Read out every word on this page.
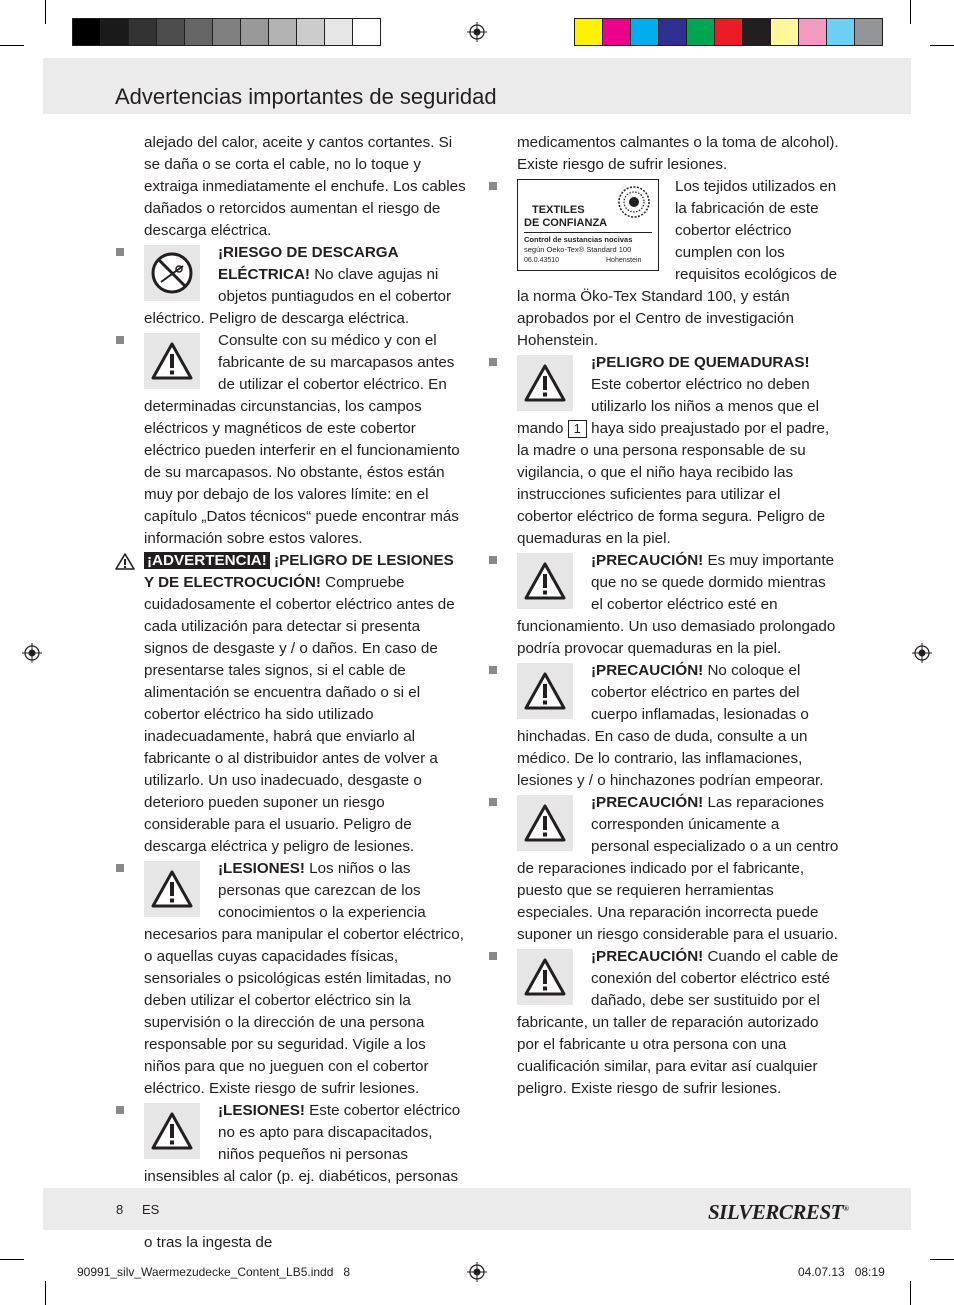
Advertencias importantes de seguridad

alejado del calor, aceite y cantos cortantes. Si se daña o se corta el cable, no lo toque y extraiga inmediatamente el enchufe. Los cables dañados o retorcidos aumentan el riesgo de descarga eléctrica.

¡RIESGO DE DESCARGA ELÉCTRICA! No clave agujas ni objetos puntiagudos en el cobertor eléctrico. Peligro de descarga eléctrica.

Consulte con su médico y con el fabricante de su marcapasos antes de utilizar el cobertor eléctrico. En determinadas circunstancias, los campos eléctricos y magnéticos de este cobertor eléctrico pueden interferir en el funcionamiento de su marcapasos. No obstante, éstos están muy por debajo de los valores límite: en el capítulo „Datos técnicos“ puede encontrar más información sobre estos valores.

¡ADVERTENCIA! ¡PELIGRO DE LESIONES Y DE ELECTROCUCIÓN! Compruebe cuidadosamente el cobertor eléctrico antes de cada utilización para detectar si presenta signos de desgaste y / o daños. En caso de presentarse tales signos, si el cable de alimentación se encuentra dañado o si el cobertor eléctrico ha sido utilizado inadecuadamente, habrá que enviarlo al fabricante o al distribuidor antes de volver a utilizarlo. Un uso inadecuado, desgaste o deterioro pueden suponer un riesgo considerable para el usuario. Peligro de descarga eléctrica y peligro de lesiones.

¡LESIONES! Los niños o las personas que carezcan de los conocimientos o la experiencia necesarios para manipular el cobertor eléctrico, o aquellas cuyas capacidades físicas, sensoriales o psicológicas estén limitadas, no deben utilizar el cobertor eléctrico sin la supervisión o la dirección de una persona responsable por su seguridad. Vigile a los niños para que no jueguen con el cobertor eléctrico. Existe riesgo de sufrir lesiones.

¡LESIONES! Este cobertor eléctrico no es apto para discapacitados, niños pequeños ni personas insensibles al calor (p. ej. diabéticos, personas o tras la ingesta de

medicamentos calmantes o la toma de alcohol). Existe riesgo de sufrir lesiones.

TEXTILES
DE CONFIANZA
Control de sustancias nocivas
según Oeko-Tex® Standard 100
06.0.43510	Hohenstein

Los tejidos utilizados en la fabricación de este cobertor eléctrico cumplen con los requisitos ecológicos de la norma Öko-Tex Standard 100, y están aprobados por el Centro de investigación Hohenstein.

¡PELIGRO DE QUEMADURAS! Este cobertor eléctrico no deben utilizarlo los niños a menos que el mando 1 haya sido preajustado por el padre, la madre o una persona responsable de su vigilancia, o que el niño haya recibido las instrucciones suficientes para utilizar el cobertor eléctrico de forma segura. Peligro de quemaduras en la piel.

¡PRECAUCIÓN! Es muy importante que no se quede dormido mientras el cobertor eléctrico esté en funcionamiento. Un uso demasiado prolongado podría provocar quemaduras en la piel.

¡PRECAUCIÓN! No coloque el cobertor eléctrico en partes del cuerpo inflamadas, lesionadas o hinchadas. En caso de duda, consulte a un médico. De lo contrario, las inflamaciones, lesiones y / o hinchazones podrían empeorar.

¡PRECAUCIÓN! Las reparaciones corresponden únicamente a personal especializado o a un centro de reparaciones indicado por el fabricante, puesto que se requieren herramientas especiales. Una reparación incorrecta puede suponer un riesgo considerable para el usuario.

¡PRECAUCIÓN! Cuando el cable de conexión del cobertor eléctrico esté dañado, debe ser sustituido por el fabricante, un taller de reparación autorizado por el fabricante u otra persona con una cualificación similar, para evitar así cualquier peligro. Existe riesgo de sufrir lesiones.

8 ES	SILVERCREST®
90991_silv_Waermezudecke_Content_LB5.indd   8	04.07.13   08:19
